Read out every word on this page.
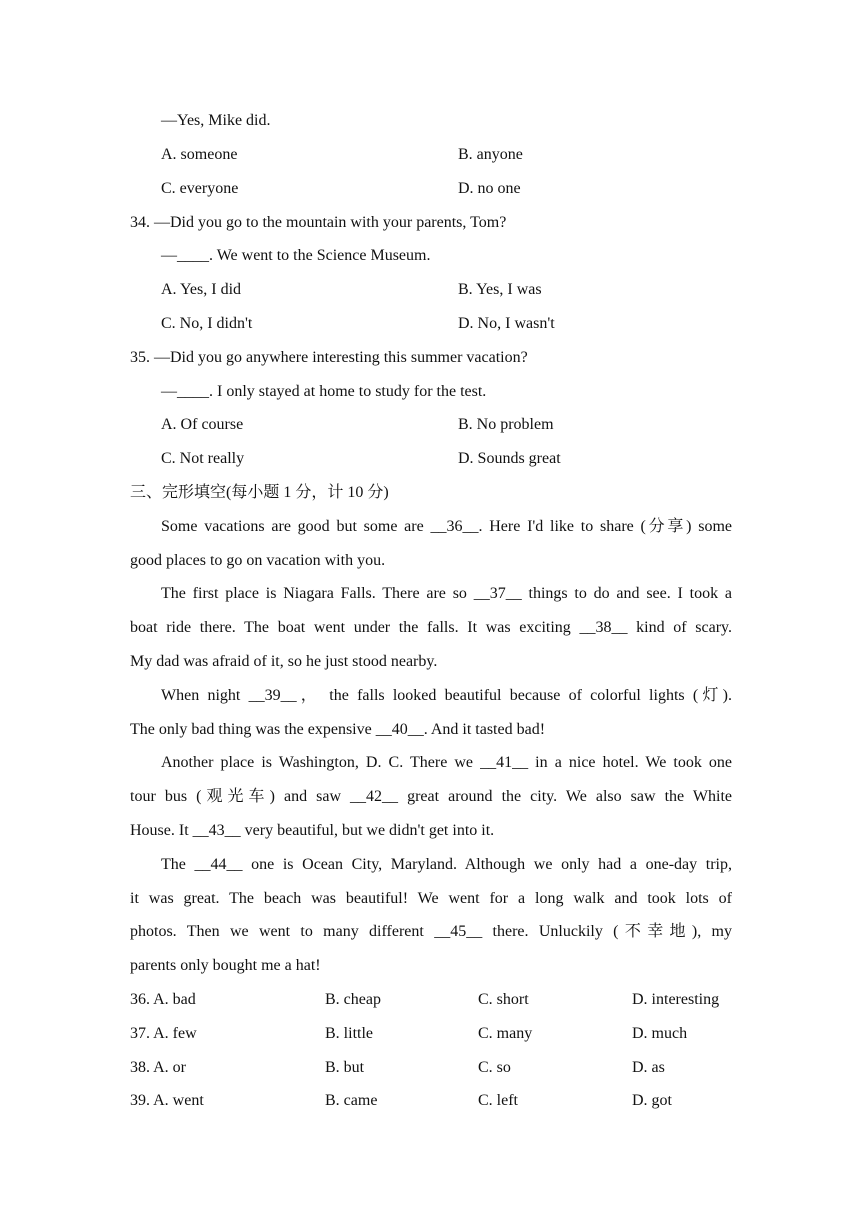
—Yes, Mike did.
A. someone	B. anyone
C. everyone	D. no one
34. —Did you go to the mountain with your parents, Tom?
—____. We went to the Science Museum.
A. Yes, I did	B. Yes, I was
C. No, I didn't	D. No, I wasn't
35. —Did you go anywhere interesting this summer vacation?
—____. I only stayed at home to study for the test.
A. Of course	B. No problem
C. Not really	D. Sounds great
三、完形填空(每小题 1 分，计 10 分)
Some vacations are good but some are __36__. Here I'd like to share (分享) some
good places to go on vacation with you.
The first place is Niagara Falls. There are so __37__ things to do and see. I took a
boat ride there. The boat went under the falls. It was exciting __38__ kind of scary.
My dad was afraid of it, so he just stood nearby.
When night __39__， the falls looked beautiful because of colorful lights (灯).
The only bad thing was the expensive __40__. And it tasted bad!
Another place is Washington, D. C. There we __41__ in a nice hotel. We took one
tour bus (观光车) and saw __42__ great around the city. We also saw the White
House. It __43__ very beautiful, but we didn't get into it.
The __44__ one is Ocean City, Maryland. Although we only had a one‑day trip,
it was great. The beach was beautiful! We went for a long walk and took lots of
photos. Then we went to many different __45__ there. Unluckily (不幸地), my
parents only bought me a hat!
36. A. bad	B. cheap	C. short	D. interesting
37. A. few	B. little	C. many	D. much
38. A. or	B. but	C. so	D. as
39. A. went	B. came	C. left	D. got
